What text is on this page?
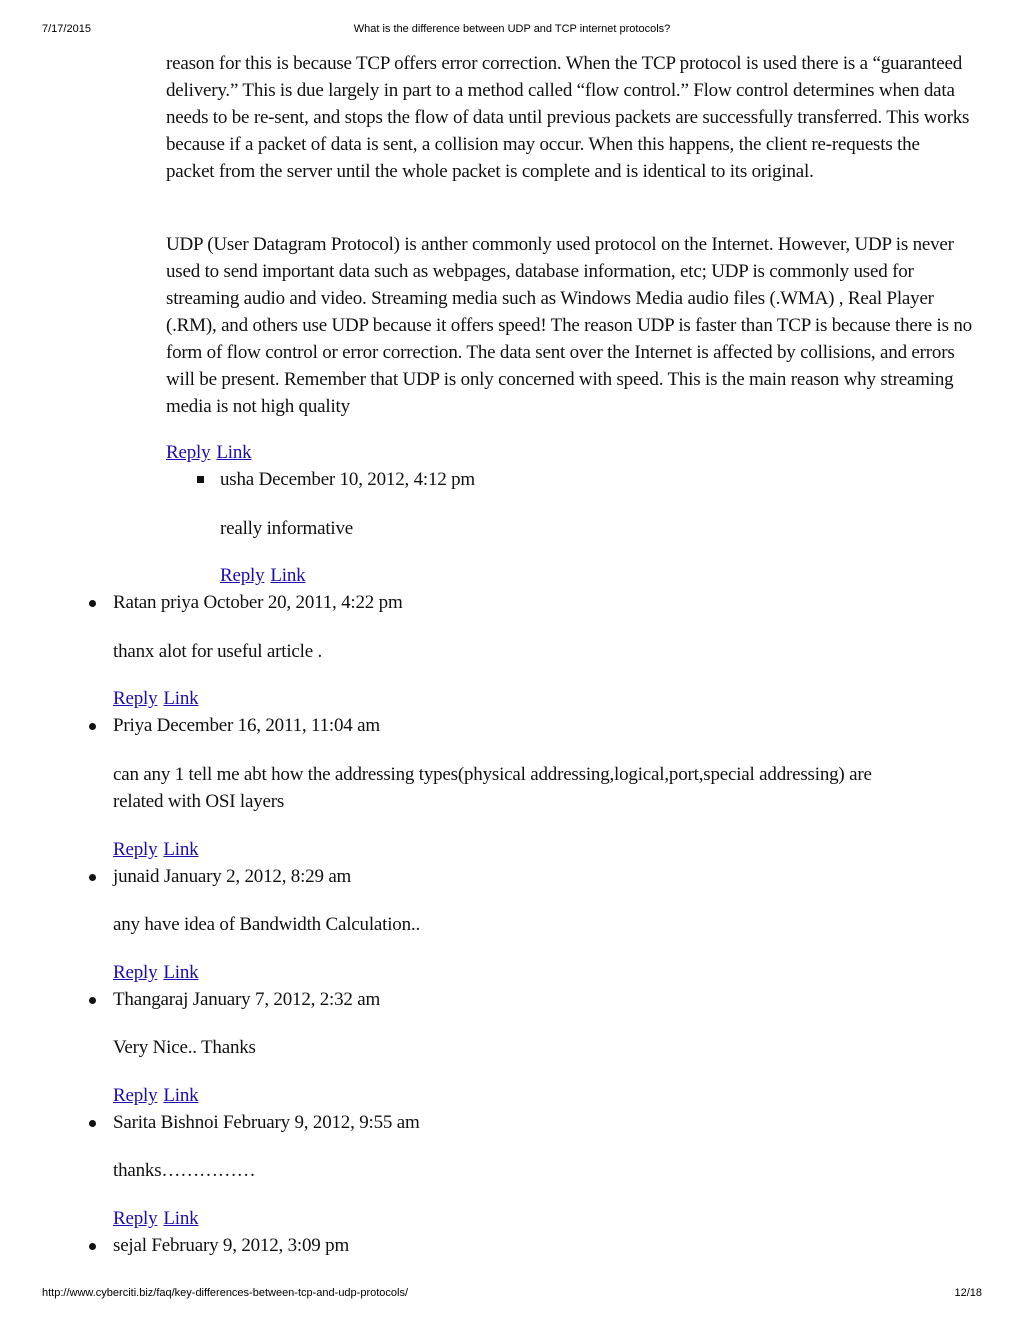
7/17/2015	What is the difference between UDP and TCP internet protocols?
reason for this is because TCP offers error correction. When the TCP protocol is used there is a “guaranteed delivery.” This is due largely in part to a method called “flow control.” Flow control determines when data needs to be re-sent, and stops the flow of data until previous packets are successfully transferred. This works because if a packet of data is sent, a collision may occur. When this happens, the client re-requests the packet from the server until the whole packet is complete and is identical to its original.
UDP (User Datagram Protocol) is anther commonly used protocol on the Internet. However, UDP is never used to send important data such as webpages, database information, etc; UDP is commonly used for streaming audio and video. Streaming media such as Windows Media audio files (.WMA) , Real Player (.RM), and others use UDP because it offers speed! The reason UDP is faster than TCP is because there is no form of flow control or error correction. The data sent over the Internet is affected by collisions, and errors will be present. Remember that UDP is only concerned with speed. This is the main reason why streaming media is not high quality
Reply Link
usha December 10, 2012, 4:12 pm
really informative
Reply Link
Ratan priya October 20, 2011, 4:22 pm
thanx alot for useful article .
Reply Link
Priya December 16, 2011, 11:04 am
can any 1 tell me abt how the addressing types(physical addressing,logical,port,special addressing) are
related with OSI layers
Reply Link
junaid January 2, 2012, 8:29 am
any have idea of Bandwidth Calculation..
Reply Link
Thangaraj January 7, 2012, 2:32 am
Very Nice.. Thanks
Reply Link
Sarita Bishnoi February 9, 2012, 9:55 am
thanks……………
Reply Link
sejal February 9, 2012, 3:09 pm
http://www.cyberciti.biz/faq/key-differences-between-tcp-and-udp-protocols/	12/18
